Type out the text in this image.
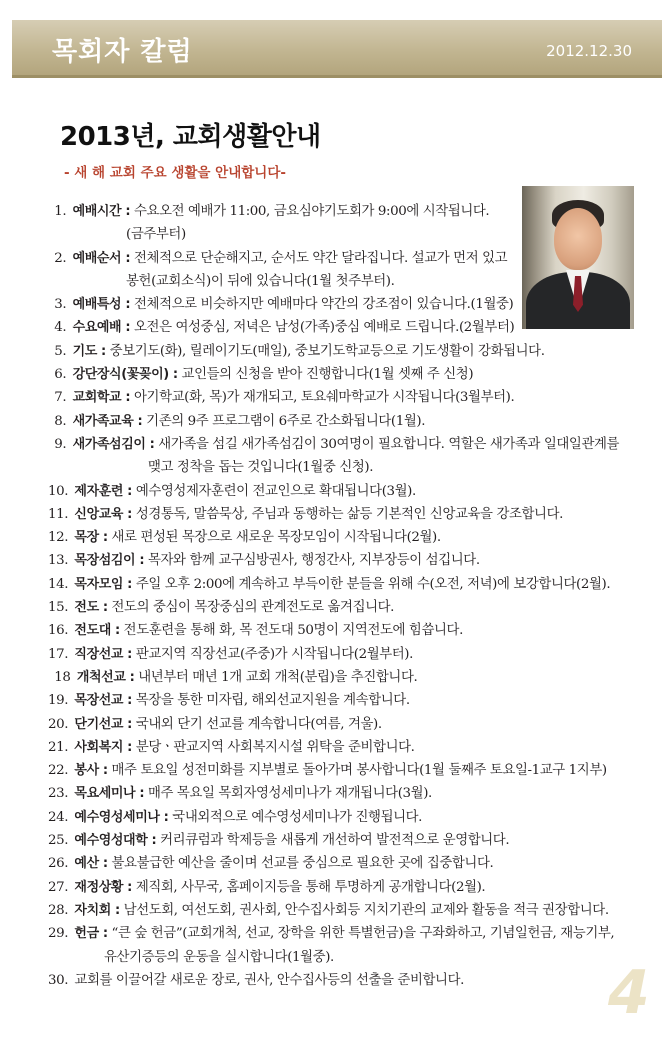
목회자 칼럼	2012.12.30
2013년, 교회생활안내
- 새 해 교회 주요 생활을 안내합니다-
 1.  예배시간 : 수요오전 예배가 11:00, 금요심야기도회가 9:00에 시작됩니다.
(금주부터)
 2.  예배순서 : 전체적으로 단순해지고, 순서도 약간 달라집니다. 설교가 먼저 있고
봉헌(교회소식)이 뒤에 있습니다(1월 첫주부터).
 3.  예배특성 : 전체적으로 비슷하지만 예배마다 약간의 강조점이 있습니다.(1월중)
 4.  수요예배 : 오전은 여성중심, 저녁은 남성(가족)중심 예배로 드립니다.(2월부터)
 5.  기도 : 중보기도(화), 릴레이기도(매일), 중보기도학교등으로 기도생활이 강화됩니다.
 6.  강단장식(꽃꽂이) : 교인들의 신청을 받아 진행합니다(1월 셋째 주 신청)
 7.  교회학교 : 아기학교(화, 목)가 재개되고, 토요쉐마학교가 시작됩니다(3월부터).
 8.  새가족교육 : 기존의 9주 프로그램이 6주로 간소화됩니다(1월).
 9.  새가족섬김이 : 새가족을 섬길 새가족섬김이 30여명이 필요합니다. 역할은 새가족과 일대일관계를
맺고 정착을 돕는 것입니다(1월중 신청).
10.  제자훈련 : 예수영성제자훈련이 전교인으로 확대됩니다(3월).
11.  신앙교육 : 성경통독, 말씀묵상, 주님과 동행하는 삶등 기본적인 신앙교육을 강조합니다.
12.  목장 : 새로 편성된 목장으로 새로운 목장모임이 시작됩니다(2월).
13.  목장섬김이 : 목자와 함께 교구심방권사, 행정간사, 지부장등이 섬깁니다.
14.  목자모임 : 주일 오후 2:00에 계속하고 부득이한 분들을 위해 수(오전, 저녁)에 보강합니다(2월).
15.  전도 : 전도의 중심이 목장중심의 관계전도로 옮겨집니다.
16.  전도대 : 전도훈련을 통해 화, 목 전도대 50명이 지역전도에 힘씁니다.
17.  직장선교 : 판교지역 직장선교(주중)가 시작됩니다(2월부터).
 18  개척선교 : 내년부터 매년 1개 교회 개척(분립)을 추진합니다.
19.  목장선교 : 목장을 통한 미자립, 해외선교지원을 계속합니다.
20.  단기선교 : 국내외 단기 선교를 계속합니다(여름, 겨울).
21.  사회복지 : 분당ㆍ판교지역 사회복지시설 위탁을 준비합니다.
22.  봉사 : 매주 토요일 성전미화를 지부별로 돌아가며 봉사합니다(1월 둘째주 토요일-1교구 1지부)
23.  목요세미나 : 매주 목요일 목회자영성세미나가 재개됩니다(3월).
24.  예수영성세미나 : 국내외적으로 예수영성세미나가 진행됩니다.
25.  예수영성대학 : 커리큐럼과 학제등을 새롭게 개선하여 발전적으로 운영합니다.
26.  예산 : 불요불급한 예산을 줄이며 선교를 중심으로 필요한 곳에 집중합니다.
27.  재정상황 : 제직회, 사무국, 홈페이지등을 통해 투명하게 공개합니다(2월).
28.  자치회 : 남선도회, 여선도회, 권사회, 안수집사회등 지치기관의 교제와 활동을 적극 권장합니다.
29.  헌금 : “큰 숲 헌금”(교회개척, 선교, 장학을 위한 특별헌금)을 구좌화하고, 기념일헌금, 재능기부,
유산기증등의 운동을 실시합니다(1월중).
30.  교회를 이끌어갈 새로운 장로, 권사, 안수집사등의 선출을 준비합니다.	4
